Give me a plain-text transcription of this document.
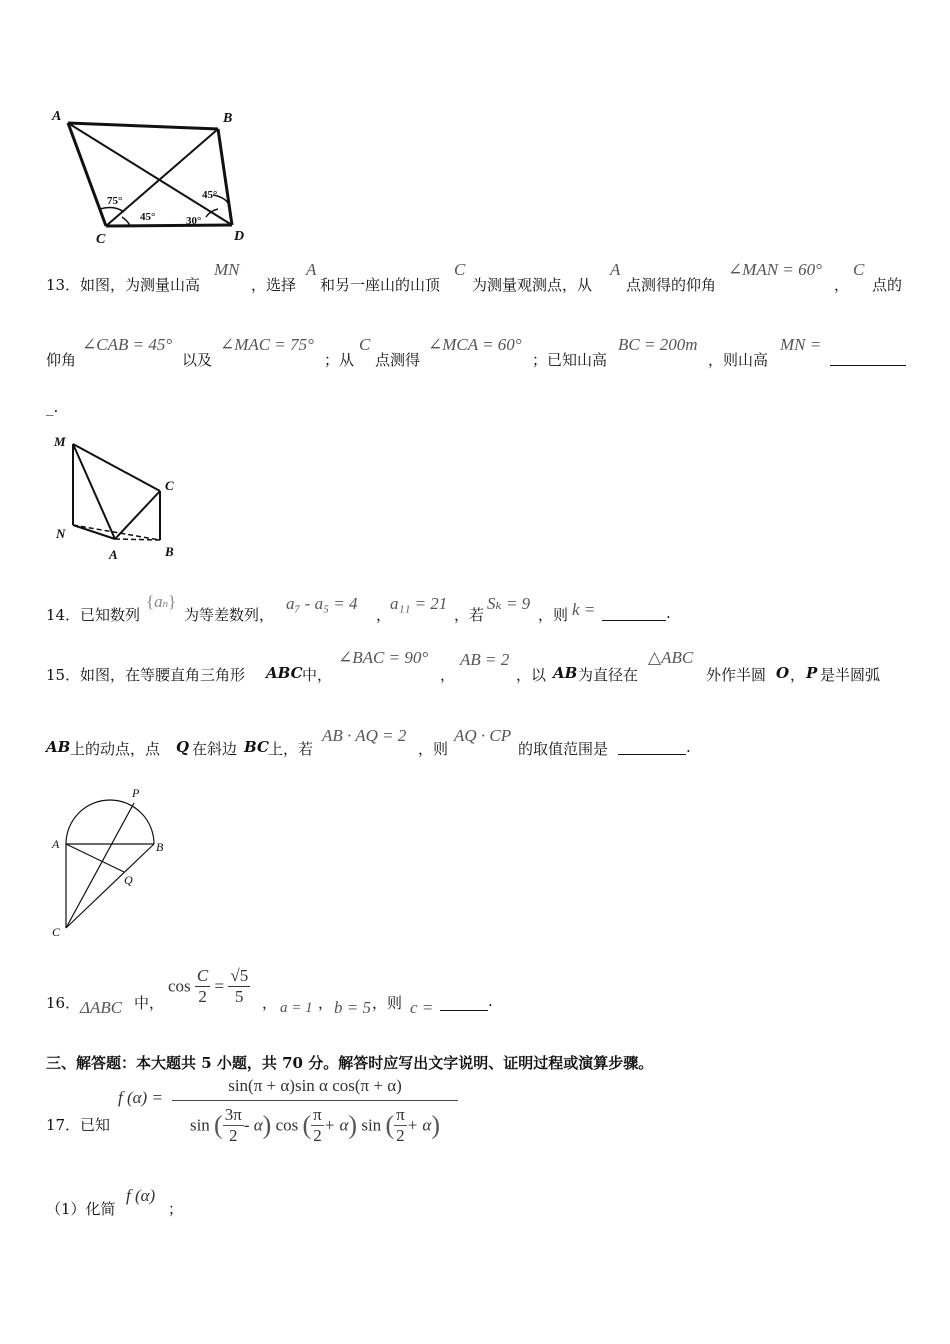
A	B
C	D
75°
45°
45°
30°
13． 如图，为测量山高
MN
，选择
A
和另一座山的山顶
C
为测量观测点，从
A
点测得的仰角
∠MAN = 60°
，
C
点的
仰角
∠CAB = 45°
以及
∠MAC = 75°
；从
C
点测得
∠MCA = 60°
；已知山高
BC = 200m
，则山高
MN =
_.
M
C
N
A	B
14． 已知数列
{an}
为等差数列，
a₇ - a₅ = 4
，
a₁₁ = 21
，若
Sₖ = 9
，则 k =	.
15． 如图，在等腰直角三角形 ABC 中，
∠BAC = 90°
，
AB = 2
，以 AB 为直径在
△ABC
外作半圆 O ， P 是半圆弧
AB 上的动点，点 Q 在斜边 BC 上，若
AB · AQ = 2
，则
AQ · CP
的取值范围是	.
P
A	B
Q
C
16． ΔABC 中，
$\cos \frac{C}{2} = \frac{√5}{5}$ ， a = 1 ， b = 5 ，则 c =	.
三、解答题：本大题共 5 小题，共 70 分。解答时应写出文字说明、证明过程或演算步骤。
17． 已知
f (α) =
sin(π + α)sin α cos(π + α)
sin ( $\frac{3\pi}{2} - \alpha$) cos ( $\frac{\pi}{2} + \alpha$) sin ( $\frac{\pi}{2} + \alpha$)
（1）化简
f (α)
；
